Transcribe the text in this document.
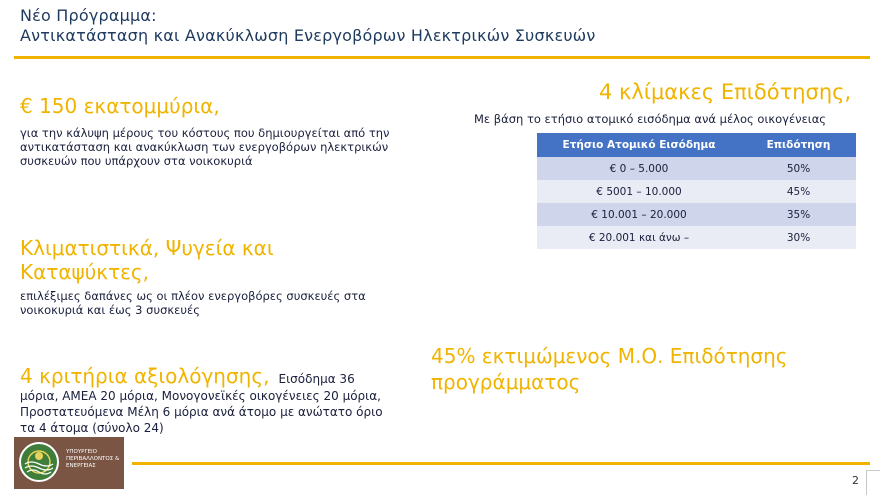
Νέο Πρόγραμμα:
Αντικατάσταση και Ανακύκλωση Ενεργοβόρων Ηλεκτρικών Συσκευών
€ 150 εκατομμύρια,
για την κάλυψη μέρους του κόστους που δημιουργείται από την αντικατάσταση και ανακύκλωση των ενεργοβόρων ηλεκτρικών συσκευών που υπάρχουν στα νοικοκυριά
Κλιματιστικά, Ψυγεία και
Καταψύκτες,
επιλέξιμες δαπάνες ως οι πλέον ενεργοβόρες συσκευές στα νοικοκυριά και έως 3 συσκευές
4 κριτήρια αξιολόγησης, Εισόδημα 36
μόρια, ΑΜΕΑ 20 μόρια, Μονογονεϊκές οικογένειες 20 μόρια, Προστατευόμενα Μέλη 6 μόρια ανά άτομο με ανώτατο όριο τα 4 άτομα (σύνολο 24)
4 κλίμακες Επιδότησης,
Με βάση το ετήσιο ατομικό εισόδημα ανά μέλος οικογένειας
Ετήσιο Ατομικό Εισόδημα	Επιδότηση
€ 0 – 5.000	50%
€ 5001 – 10.000	45%
€ 10.001 – 20.000	35%
€ 20.001 και άνω –	30%
45% εκτιμώμενος Μ.Ο. Επιδότησης
προγράμματος
ΥΠΟΥΡΓΕΙΟ ΠΕΡΙΒΑΛΛΟΝΤΟΣ & ΕΝΕΡΓΕΙΑΣ
2
